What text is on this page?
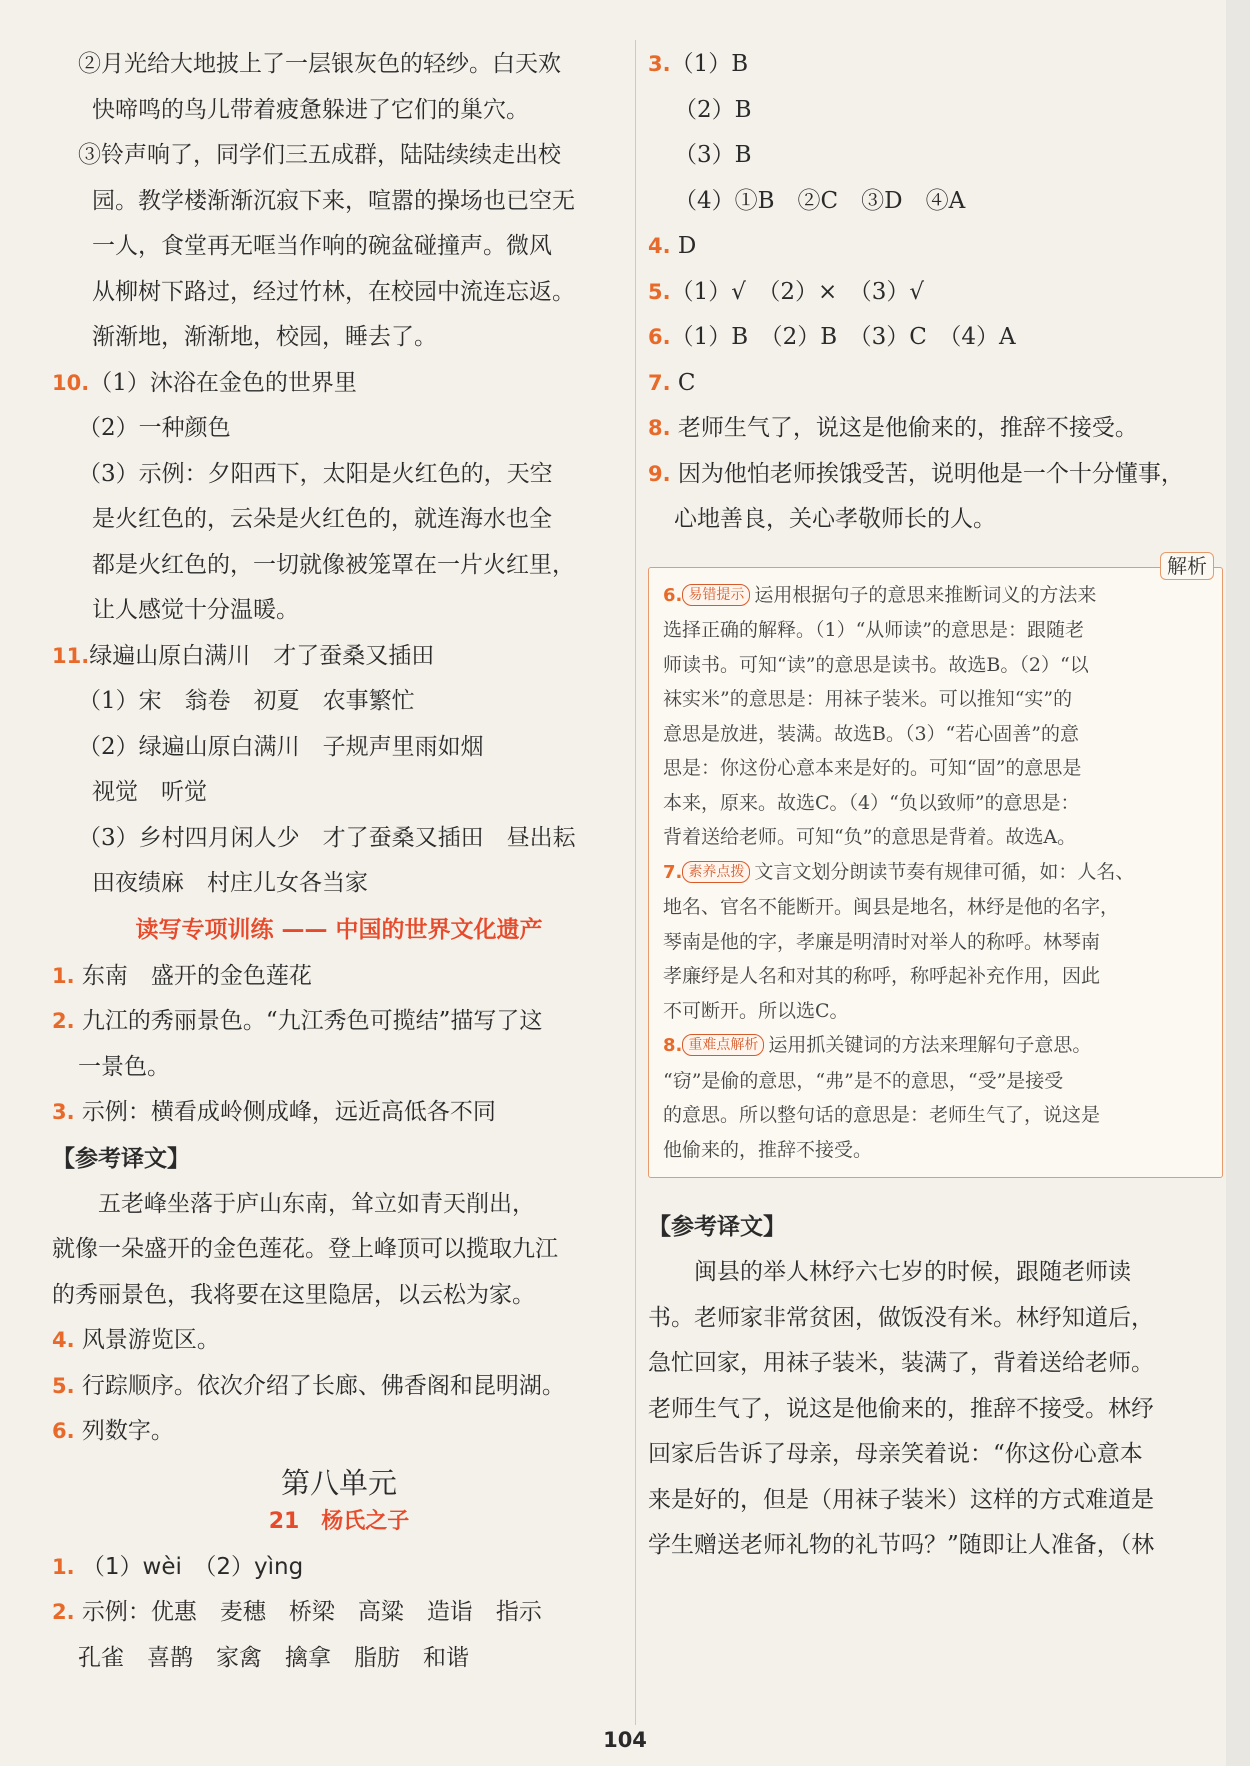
②月光给大地披上了一层银灰色的轻纱。白天欢
快啼鸣的鸟儿带着疲惫躲进了它们的巢穴。
③铃声响了，同学们三五成群，陆陆续续走出校
园。教学楼渐渐沉寂下来，喧嚣的操场也已空无
一人，食堂再无哐当作响的碗盆碰撞声。微风
从柳树下路过，经过竹林，在校园中流连忘返。
渐渐地，渐渐地，校园，睡去了。
10.（1）沐浴在金色的世界里
（2）一种颜色
（3）示例：夕阳西下，太阳是火红色的，天空
是火红色的，云朵是火红色的，就连海水也全
都是火红色的，一切就像被笼罩在一片火红里，
让人感觉十分温暖。
11.绿遍山原白满川　才了蚕桑又插田
（1）宋　翁卷　初夏　农事繁忙
（2）绿遍山原白满川　子规声里雨如烟
视觉　听觉
（3）乡村四月闲人少　才了蚕桑又插田　昼出耘
田夜绩麻　村庄儿女各当家
读写专项训练 —— 中国的世界文化遗产
1. 东南　盛开的金色莲花
2. 九江的秀丽景色。“九江秀色可揽结”描写了这
一景色。
3. 示例：横看成岭侧成峰，远近高低各不同
【参考译文】
五老峰坐落于庐山东南，耸立如青天削出，
就像一朵盛开的金色莲花。登上峰顶可以揽取九江
的秀丽景色，我将要在这里隐居，以云松为家。
4. 风景游览区。
5. 行踪顺序。依次介绍了长廊、佛香阁和昆明湖。
6. 列数字。
第八单元
21　杨氏之子
1. （1）wèi　（2）yìng
2. 示例：优惠　麦穗　桥梁　高粱　造诣　指示
孔雀　喜鹊　家禽　擒拿　脂肪　和谐
3.（1）B
（2）B
（3）B
（4）①B　②C　③D　④A
4. D
5.（1）√　（2）×　（3）√
6.（1）B　（2）B　（3）C　（4）A
7. C
8. 老师生气了，说这是他偷来的，推辞不接受。
9. 因为他怕老师挨饿受苦，说明他是一个十分懂事，
心地善良，关心孝敬师长的人。
解析
6. 易错提示 运用根据句子的意思来推断词义的方法来
选择正确的解释。（1）“从师读”的意思是：跟随老
师读书。可知“读”的意思是读书。故选B。（2）“以
袜实米”的意思是：用袜子装米。可以推知“实”的
意思是放进，装满。故选B。（3）“若心固善”的意
思是：你这份心意本来是好的。可知“固”的意思是
本来，原来。故选C。（4）“负以致师”的意思是：
背着送给老师。可知“负”的意思是背着。故选A。
7. 素养点拨 文言文划分朗读节奏有规律可循，如：人名、
地名、官名不能断开。闽县是地名，林纾是他的名字，
琴南是他的字，孝廉是明清时对举人的称呼。林琴南
孝廉纾是人名和对其的称呼，称呼起补充作用，因此
不可断开。所以选C。
8. 重难点解析 运用抓关键词的方法来理解句子意思。
“窃”是偷的意思，“弗”是不的意思，“受”是接受
的意思。所以整句话的意思是：老师生气了，说这是
他偷来的，推辞不接受。
【参考译文】
闽县的举人林纾六七岁的时候，跟随老师读
书。老师家非常贫困，做饭没有米。林纾知道后，
急忙回家，用袜子装米，装满了，背着送给老师。
老师生气了，说这是他偷来的，推辞不接受。林纾
回家后告诉了母亲，母亲笑着说：“你这份心意本
来是好的，但是（用袜子装米）这样的方式难道是
学生赠送老师礼物的礼节吗？”随即让人准备，（林
104
